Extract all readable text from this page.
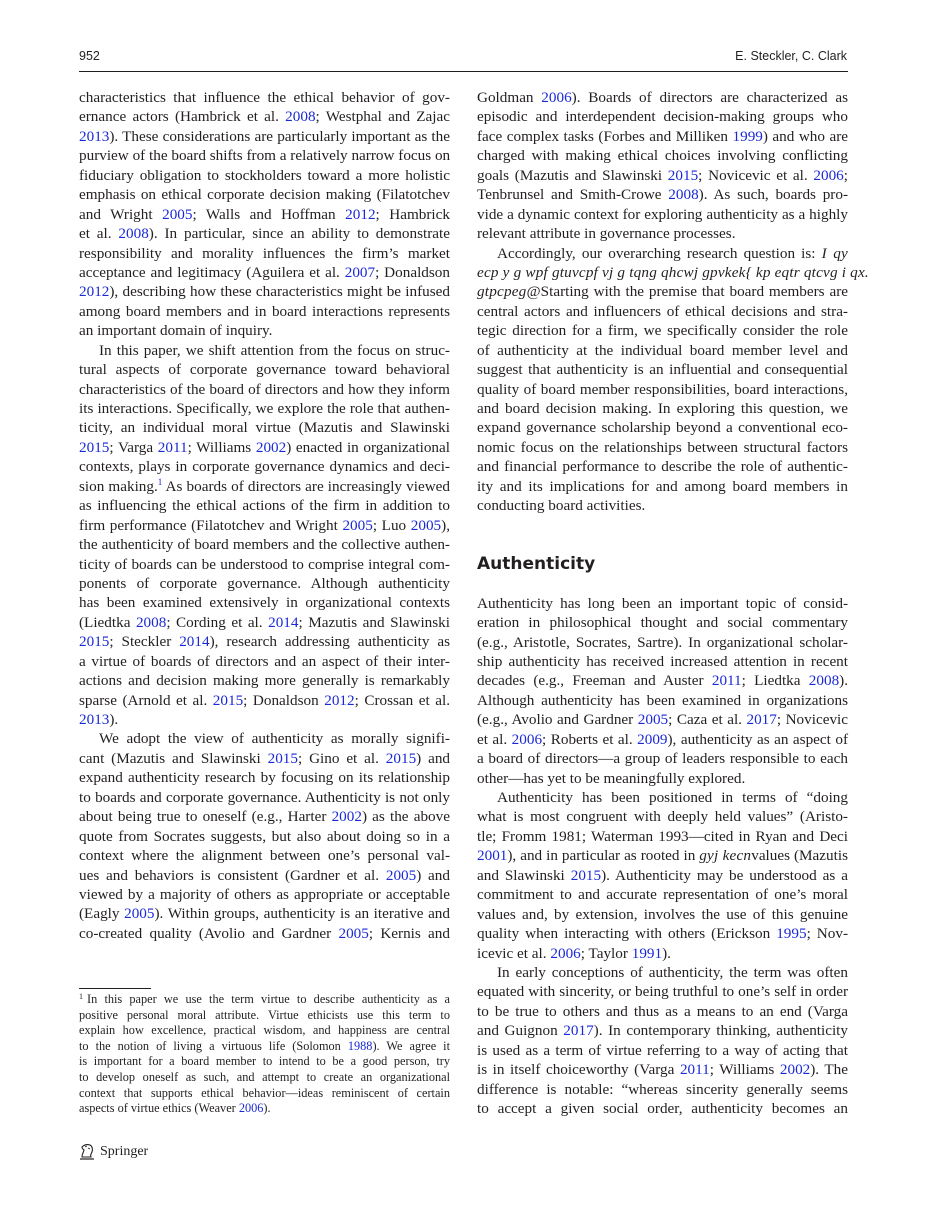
952	E. Steckler, C. Clark
characteristics that influence the ethical behavior of gov-
ernance actors (Hambrick et al. 2008; Westphal and Zajac
2013). These considerations are particularly important as the
purview of the board shifts from a relatively narrow focus on
fiduciary obligation to stockholders toward a more holistic
emphasis on ethical corporate decision making (Filatotchev
and Wright 2005; Walls and Hoffman 2012; Hambrick
et al. 2008). In particular, since an ability to demonstrate
responsibility and morality influences the firm’s market
acceptance and legitimacy (Aguilera et al. 2007; Donaldson
2012), describing how these characteristics might be infused
among board members and in board interactions represents
an important domain of inquiry.
In this paper, we shift attention from the focus on struc-
tural aspects of corporate governance toward behavioral
characteristics of the board of directors and how they inform
its interactions. Specifically, we explore the role that authen-
ticity, an individual moral virtue (Mazutis and Slawinski
2015; Varga 2011; Williams 2002) enacted in organizational
contexts, plays in corporate governance dynamics and deci-
sion making.$^1$ As boards of directors are increasingly viewed
as influencing the ethical actions of the firm in addition to
firm performance (Filatotchev and Wright 2005; Luo 2005),
the authenticity of board members and the collective authen-
ticity of boards can be understood to comprise integral com-
ponents of corporate governance. Although authenticity
has been examined extensively in organizational contexts
(Liedtka 2008; Cording et al. 2014; Mazutis and Slawinski
2015; Steckler 2014), research addressing authenticity as
a virtue of boards of directors and an aspect of their inter-
actions and decision making more generally is remarkably
sparse (Arnold et al. 2015; Donaldson 2012; Crossan et al.
2013).
We adopt the view of authenticity as morally signifi-
cant (Mazutis and Slawinski 2015; Gino et al. 2015) and
expand authenticity research by focusing on its relationship
to boards and corporate governance. Authenticity is not only
about being true to oneself (e.g., Harter 2002) as the above
quote from Socrates suggests, but also about doing so in a
context where the alignment between one’s personal val-
ues and behaviors is consistent (Gardner et al. 2005) and
viewed by a majority of others as appropriate or acceptable
(Eagly 2005). Within groups, authenticity is an iterative and
co-created quality (Avolio and Gardner 2005; Kernis and
$^1$ In this paper we use the term virtue to describe authenticity as a
positive personal moral attribute. Virtue ethicists use this term to
explain how excellence, practical wisdom, and happiness are central
to the notion of living a virtuous life (Solomon 1988). We agree it
is important for a board member to intend to be a good person, try
to develop oneself as such, and attempt to create an organizational
context that supports ethical behavior—ideas reminiscent of certain
aspects of virtue ethics (Weaver 2006).
Springer
Goldman 2006). Boards of directors are characterized as
episodic and interdependent decision-making groups who
face complex tasks (Forbes and Milliken 1999) and who are
charged with making ethical choices involving conflicting
goals (Mazutis and Slawinski 2015; Novicevic et al. 2006;
Tenbrunsel and Smith-Crowe 2008). As such, boards pro-
vide a dynamic context for exploring authenticity as a highly
relevant attribute in governance processes.
Accordingly, our overarching research question is: I qy
ecp y g wpf gtuvcpf vj g tqng qhcwj gpvkek{ kp eqtr qtcvg i qx.
gtpcpeg@Starting with the premise that board members are
central actors and influencers of ethical decisions and stra-
tegic direction for a firm, we specifically consider the role
of authenticity at the individual board member level and
suggest that authenticity is an influential and consequential
quality of board member responsibilities, board interactions,
and board decision making. In exploring this question, we
expand governance scholarship beyond a conventional eco-
nomic focus on the relationships between structural factors
and financial performance to describe the role of authentic-
ity and its implications for and among board members in
conducting board activities.
Authenticity
Authenticity has long been an important topic of consid-
eration in philosophical thought and social commentary
(e.g., Aristotle, Socrates, Sartre). In organizational scholar-
ship authenticity has received increased attention in recent
decades (e.g., Freeman and Auster 2011; Liedtka 2008).
Although authenticity has been examined in organizations
(e.g., Avolio and Gardner 2005; Caza et al. 2017; Novicevic
et al. 2006; Roberts et al. 2009), authenticity as an aspect of
a board of directors—a group of leaders responsible to each
other—has yet to be meaningfully explored.
Authenticity has been positioned in terms of “doing
what is most congruent with deeply held values” (Aristo-
tle; Fromm 1981; Waterman 1993—cited in Ryan and Deci
2001), and in particular as rooted in gyj kecnvalues (Mazutis
and Slawinski 2015). Authenticity may be understood as a
commitment to and accurate representation of one’s moral
values and, by extension, involves the use of this genuine
quality when interacting with others (Erickson 1995; Nov-
icevic et al. 2006; Taylor 1991).
In early conceptions of authenticity, the term was often
equated with sincerity, or being truthful to one’s self in order
to be true to others and thus as a means to an end (Varga
and Guignon 2017). In contemporary thinking, authenticity
is used as a term of virtue referring to a way of acting that
is in itself choiceworthy (Varga 2011; Williams 2002). The
difference is notable: “whereas sincerity generally seems
to accept a given social order, authenticity becomes an
